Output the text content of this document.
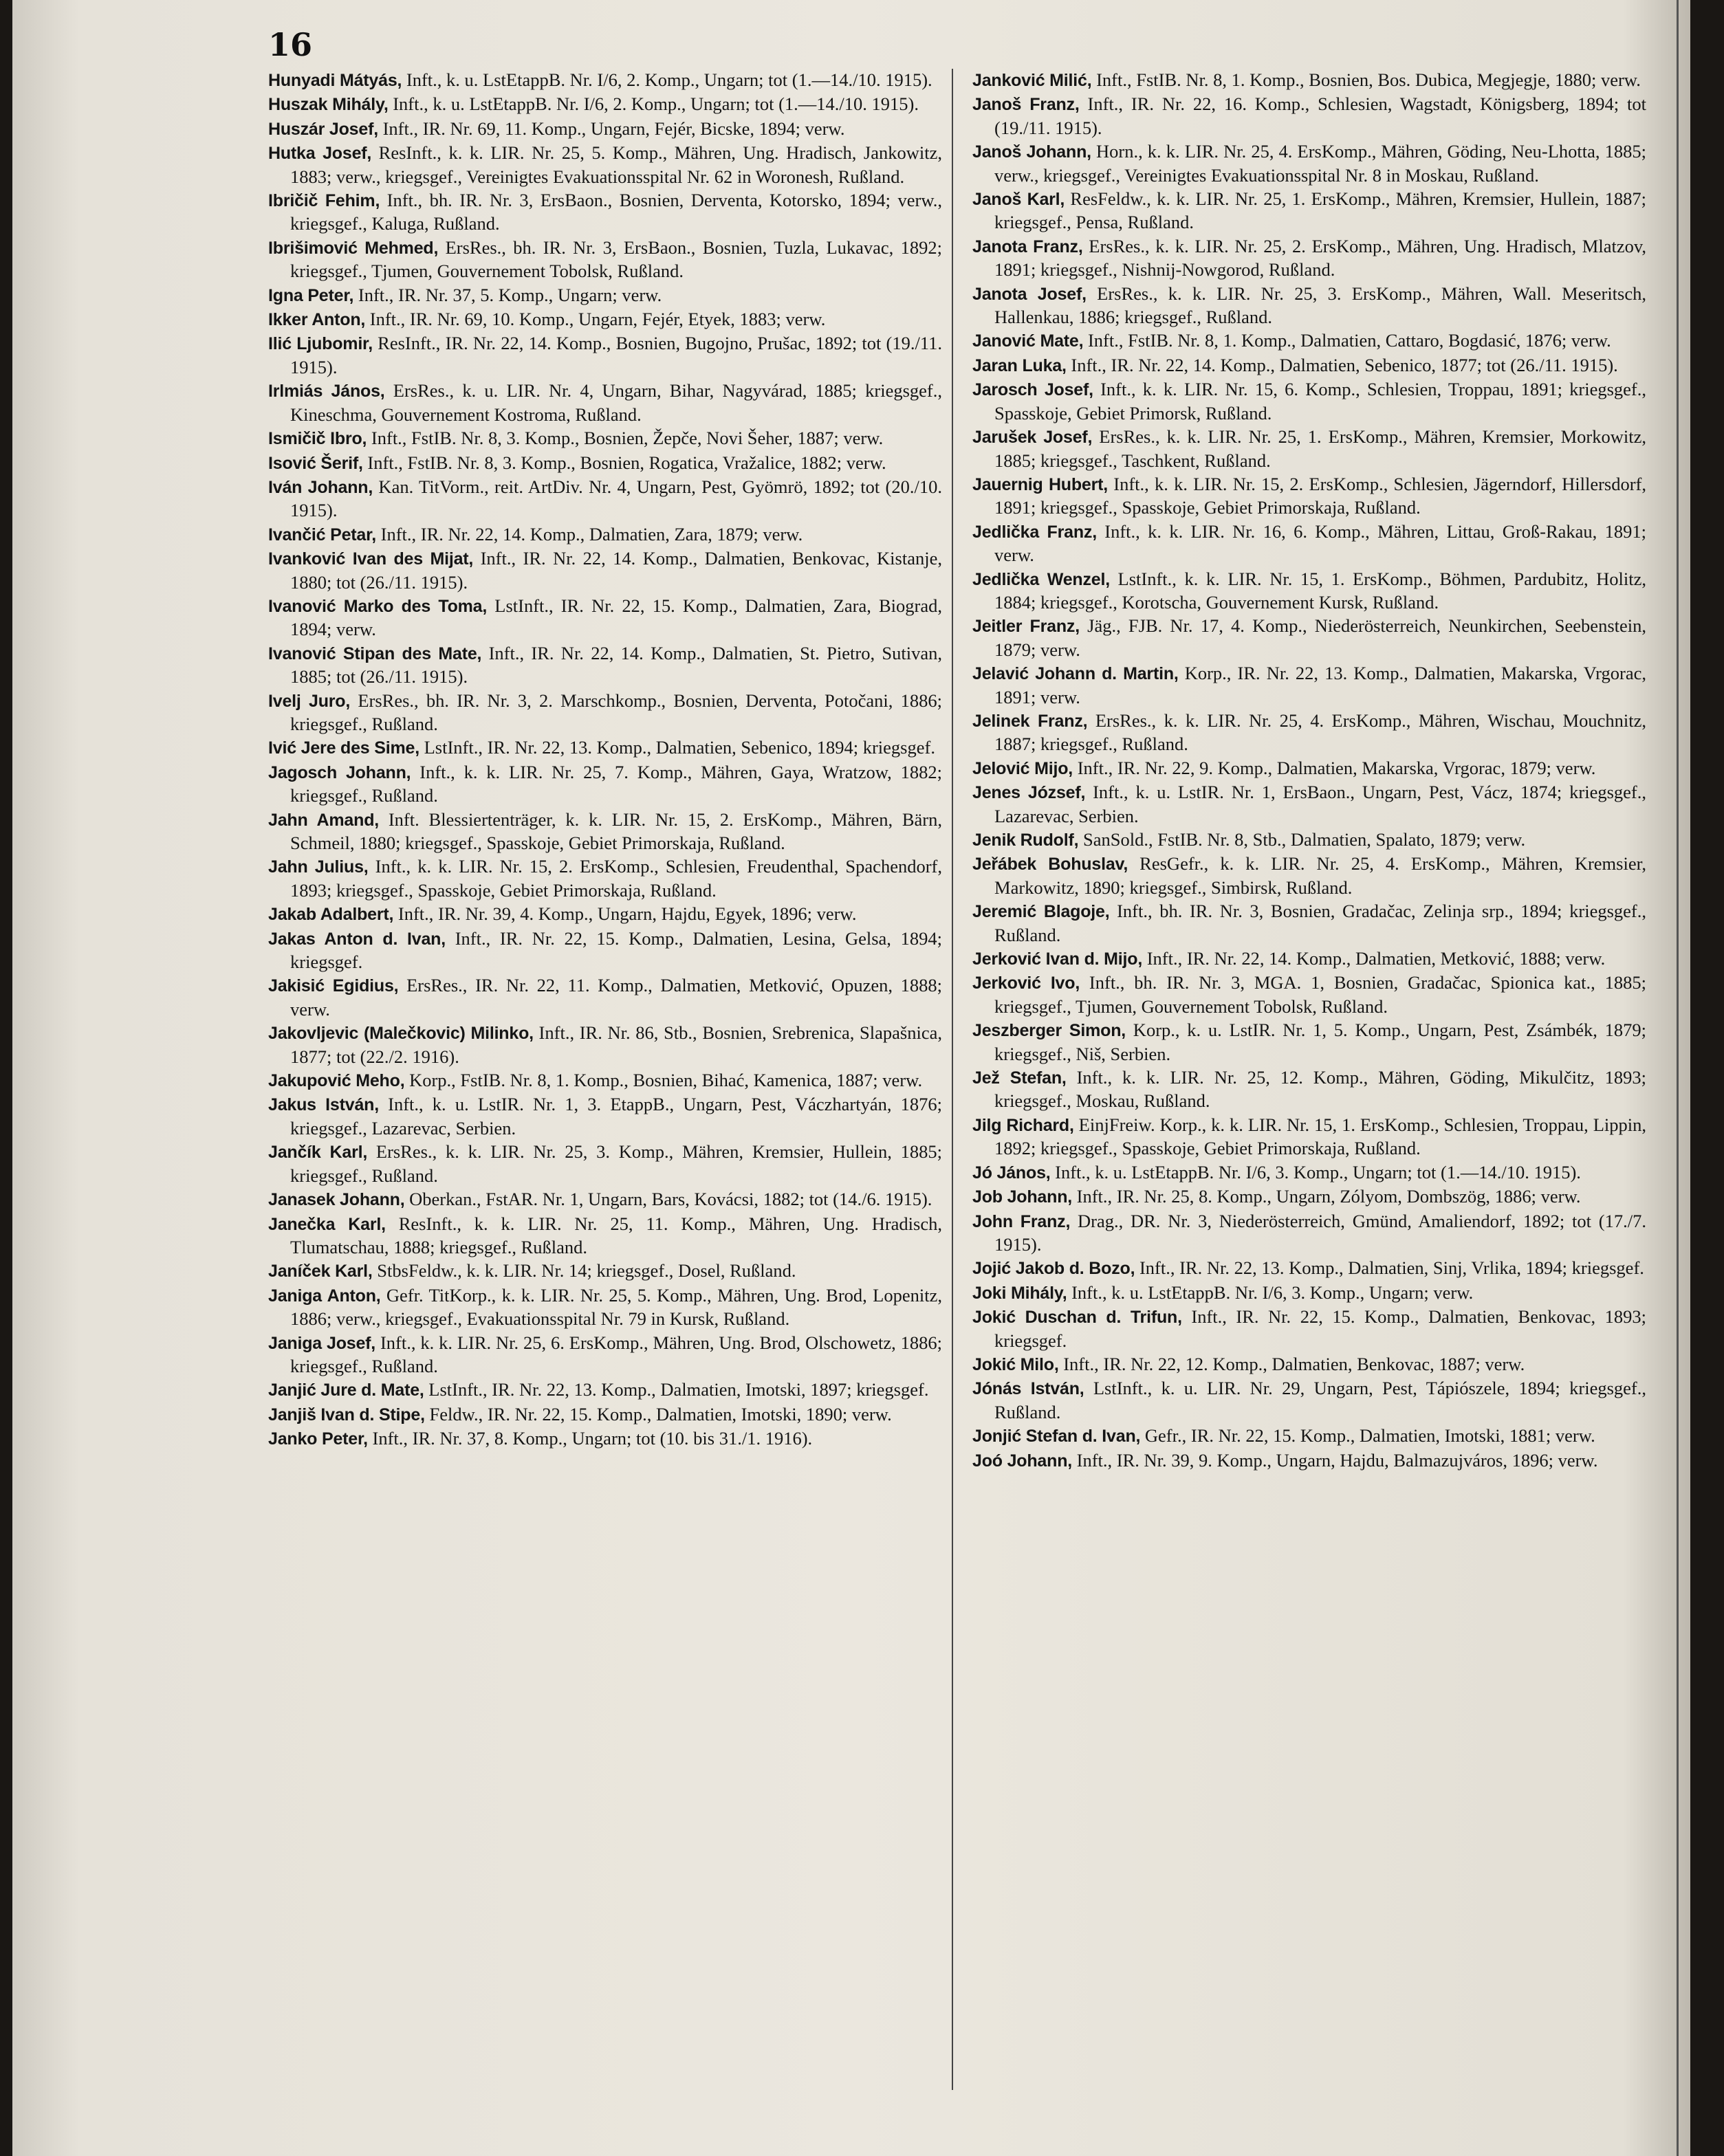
16

Hunyadi Mátyás, Inft., k. u. LstEtappB. Nr. I/6, 2. Komp., Ungarn; tot (1.—14./10. 1915).

Huszak Mihály, Inft., k. u. LstEtappB. Nr. I/6, 2. Komp., Ungarn; tot (1.—14./10. 1915).

Huszár Josef, Inft., IR. Nr. 69, 11. Komp., Ungarn, Fejér, Bicske, 1894; verw.

Hutka Josef, ResInft., k. k. LIR. Nr. 25, 5. Komp., Mähren, Ung. Hradisch, Jankowitz, 1883; verw., kriegsgef., Vereinigtes Evakuationsspital Nr. 62 in Woronesh, Rußland.

Ibričič Fehim, Inft., bh. IR. Nr. 3, ErsBaon., Bosnien, Derventa, Kotorsko, 1894; verw., kriegsgef., Kaluga, Rußland.

Ibrišimović Mehmed, ErsRes., bh. IR. Nr. 3, ErsBaon., Bosnien, Tuzla, Lukavac, 1892; kriegsgef., Tjumen, Gouvernement Tobolsk, Rußland.

Igna Peter, Inft., IR. Nr. 37, 5. Komp., Ungarn; verw.

Ikker Anton, Inft., IR. Nr. 69, 10. Komp., Ungarn, Fejér, Etyek, 1883; verw.

Ilić Ljubomir, ResInft., IR. Nr. 22, 14. Komp., Bosnien, Bugojno, Prušac, 1892; tot (19./11. 1915).

Irlmiás János, ErsRes., k. u. LIR. Nr. 4, Ungarn, Bihar, Nagyvárad, 1885; kriegsgef., Kineschma, Gouvernement Kostroma, Rußland.

Ismičič Ibro, Inft., FstIB. Nr. 8, 3. Komp., Bosnien, Žepče, Novi Šeher, 1887; verw.

Isović Šerif, Inft., FstIB. Nr. 8, 3. Komp., Bosnien, Rogatica, Vražalice, 1882; verw.

Iván Johann, Kan. TitVorm., reit. ArtDiv. Nr. 4, Ungarn, Pest, Gyömrö, 1892; tot (20./10. 1915).

Ivančić Petar, Inft., IR. Nr. 22, 14. Komp., Dalmatien, Zara, 1879; verw.

Ivanković Ivan des Mijat, Inft., IR. Nr. 22, 14. Komp., Dalmatien, Benkovac, Kistanje, 1880; tot (26./11. 1915).

Ivanović Marko des Toma, LstInft., IR. Nr. 22, 15. Komp., Dalmatien, Zara, Biograd, 1894; verw.

Ivanović Stipan des Mate, Inft., IR. Nr. 22, 14. Komp., Dalmatien, St. Pietro, Sutivan, 1885; tot (26./11. 1915).

Ivelj Juro, ErsRes., bh. IR. Nr. 3, 2. Marschkomp., Bosnien, Derventa, Potočani, 1886; kriegsgef., Rußland.

Ivić Jere des Sime, LstInft., IR. Nr. 22, 13. Komp., Dalmatien, Sebenico, 1894; kriegsgef.

Jagosch Johann, Inft., k. k. LIR. Nr. 25, 7. Komp., Mähren, Gaya, Wratzow, 1882; kriegsgef., Rußland.

Jahn Amand, Inft. Blessiertenträger, k. k. LIR. Nr. 15, 2. ErsKomp., Mähren, Bärn, Schmeil, 1880; kriegsgef., Spasskoje, Gebiet Primorskaja, Rußland.

Jahn Julius, Inft., k. k. LIR. Nr. 15, 2. ErsKomp., Schlesien, Freudenthal, Spachendorf, 1893; kriegsgef., Spasskoje, Gebiet Primorskaja, Rußland.

Jakab Adalbert, Inft., IR. Nr. 39, 4. Komp., Ungarn, Hajdu, Egyek, 1896; verw.

Jakas Anton d. Ivan, Inft., IR. Nr. 22, 15. Komp., Dalmatien, Lesina, Gelsa, 1894; kriegsgef.

Jakisić Egidius, ErsRes., IR. Nr. 22, 11. Komp., Dalmatien, Metković, Opuzen, 1888; verw.

Jakovljevic (Malečkovic) Milinko, Inft., IR. Nr. 86, Stb., Bosnien, Srebrenica, Slapašnica, 1877; tot (22./2. 1916).

Jakupović Meho, Korp., FstIB. Nr. 8, 1. Komp., Bosnien, Bihać, Kamenica, 1887; verw.

Jakus István, Inft., k. u. LstIR. Nr. 1, 3. EtappB., Ungarn, Pest, Váczhartyán, 1876; kriegsgef., Lazarevac, Serbien.

Jančík Karl, ErsRes., k. k. LIR. Nr. 25, 3. Komp., Mähren, Kremsier, Hullein, 1885; kriegsgef., Rußland.

Janasek Johann, Oberkan., FstAR. Nr. 1, Ungarn, Bars, Kovácsi, 1882; tot (14./6. 1915).

Janečka Karl, ResInft., k. k. LIR. Nr. 25, 11. Komp., Mähren, Ung. Hradisch, Tlumatschau, 1888; kriegsgef., Rußland.

Janíček Karl, StbsFeldw., k. k. LIR. Nr. 14; kriegsgef., Dosel, Rußland.

Janiga Anton, Gefr. TitKorp., k. k. LIR. Nr. 25, 5. Komp., Mähren, Ung. Brod, Lopenitz, 1886; verw., kriegsgef., Evakuationsspital Nr. 79 in Kursk, Rußland.

Janiga Josef, Inft., k. k. LIR. Nr. 25, 6. ErsKomp., Mähren, Ung. Brod, Olschowetz, 1886; kriegsgef., Rußland.

Janjić Jure d. Mate, LstInft., IR. Nr. 22, 13. Komp., Dalmatien, Imotski, 1897; kriegsgef.

Janjiš Ivan d. Stipe, Feldw., IR. Nr. 22, 15. Komp., Dalmatien, Imotski, 1890; verw.

Janko Peter, Inft., IR. Nr. 37, 8. Komp., Ungarn; tot (10. bis 31./1. 1916).

Janković Milić, Inft., FstIB. Nr. 8, 1. Komp., Bosnien, Bos. Dubica, Megjegje, 1880; verw.

Janoš Franz, Inft., IR. Nr. 22, 16. Komp., Schlesien, Wagstadt, Königsberg, 1894; tot (19./11. 1915).

Janoš Johann, Horn., k. k. LIR. Nr. 25, 4. ErsKomp., Mähren, Göding, Neu-Lhotta, 1885; verw., kriegsgef., Vereinigtes Evakuationsspital Nr. 8 in Moskau, Rußland.

Janoš Karl, ResFeldw., k. k. LIR. Nr. 25, 1. ErsKomp., Mähren, Kremsier, Hullein, 1887; kriegsgef., Pensa, Rußland.

Janota Franz, ErsRes., k. k. LIR. Nr. 25, 2. ErsKomp., Mähren, Ung. Hradisch, Mlatzov, 1891; kriegsgef., Nishnij-Nowgorod, Rußland.

Janota Josef, ErsRes., k. k. LIR. Nr. 25, 3. ErsKomp., Mähren, Wall. Meseritsch, Hallenkau, 1886; kriegsgef., Rußland.

Janović Mate, Inft., FstIB. Nr. 8, 1. Komp., Dalmatien, Cattaro, Bogdasić, 1876; verw.

Jaran Luka, Inft., IR. Nr. 22, 14. Komp., Dalmatien, Sebenico, 1877; tot (26./11. 1915).

Jarosch Josef, Inft., k. k. LIR. Nr. 15, 6. Komp., Schlesien, Troppau, 1891; kriegsgef., Spasskoje, Gebiet Primorsk, Rußland.

Jarušek Josef, ErsRes., k. k. LIR. Nr. 25, 1. ErsKomp., Mähren, Kremsier, Morkowitz, 1885; kriegsgef., Taschkent, Rußland.

Jauernig Hubert, Inft., k. k. LIR. Nr. 15, 2. ErsKomp., Schlesien, Jägerndorf, Hillersdorf, 1891; kriegsgef., Spasskoje, Gebiet Primorskaja, Rußland.

Jedlička Franz, Inft., k. k. LIR. Nr. 16, 6. Komp., Mähren, Littau, Groß-Rakau, 1891; verw.

Jedlička Wenzel, LstInft., k. k. LIR. Nr. 15, 1. ErsKomp., Böhmen, Pardubitz, Holitz, 1884; kriegsgef., Korotscha, Gouvernement Kursk, Rußland.

Jeitler Franz, Jäg., FJB. Nr. 17, 4. Komp., Niederösterreich, Neunkirchen, Seebenstein, 1879; verw.

Jelavić Johann d. Martin, Korp., IR. Nr. 22, 13. Komp., Dalmatien, Makarska, Vrgorac, 1891; verw.

Jelinek Franz, ErsRes., k. k. LIR. Nr. 25, 4. ErsKomp., Mähren, Wischau, Mouchnitz, 1887; kriegsgef., Rußland.

Jelović Mijo, Inft., IR. Nr. 22, 9. Komp., Dalmatien, Makarska, Vrgorac, 1879; verw.

Jenes József, Inft., k. u. LstIR. Nr. 1, ErsBaon., Ungarn, Pest, Vácz, 1874; kriegsgef., Lazarevac, Serbien.

Jenik Rudolf, SanSold., FstIB. Nr. 8, Stb., Dalmatien, Spalato, 1879; verw.

Jeřábek Bohuslav, ResGefr., k. k. LIR. Nr. 25, 4. ErsKomp., Mähren, Kremsier, Markowitz, 1890; kriegsgef., Simbirsk, Rußland.

Jeremić Blagoje, Inft., bh. IR. Nr. 3, Bosnien, Gradačac, Zelinja srp., 1894; kriegsgef., Rußland.

Jerković Ivan d. Mijo, Inft., IR. Nr. 22, 14. Komp., Dalmatien, Metković, 1888; verw.

Jerković Ivo, Inft., bh. IR. Nr. 3, MGA. 1, Bosnien, Gradačac, Spionica kat., 1885; kriegsgef., Tjumen, Gouvernement Tobolsk, Rußland.

Jeszberger Simon, Korp., k. u. LstIR. Nr. 1, 5. Komp., Ungarn, Pest, Zsámbék, 1879; kriegsgef., Niš, Serbien.

Jež Stefan, Inft., k. k. LIR. Nr. 25, 12. Komp., Mähren, Göding, Mikulčitz, 1893; kriegsgef., Moskau, Rußland.

Jilg Richard, EinjFreiw. Korp., k. k. LIR. Nr. 15, 1. ErsKomp., Schlesien, Troppau, Lippin, 1892; kriegsgef., Spasskoje, Gebiet Primorskaja, Rußland.

Jó János, Inft., k. u. LstEtappB. Nr. I/6, 3. Komp., Ungarn; tot (1.—14./10. 1915).

Job Johann, Inft., IR. Nr. 25, 8. Komp., Ungarn, Zólyom, Dombszög, 1886; verw.

John Franz, Drag., DR. Nr. 3, Niederösterreich, Gmünd, Amaliendorf, 1892; tot (17./7. 1915).

Jojić Jakob d. Bozo, Inft., IR. Nr. 22, 13. Komp., Dalmatien, Sinj, Vrlika, 1894; kriegsgef.

Joki Mihály, Inft., k. u. LstEtappB. Nr. I/6, 3. Komp., Ungarn; verw.

Jokić Duschan d. Trifun, Inft., IR. Nr. 22, 15. Komp., Dalmatien, Benkovac, 1893; kriegsgef.

Jokić Milo, Inft., IR. Nr. 22, 12. Komp., Dalmatien, Benkovac, 1887; verw.

Jónás István, LstInft., k. u. LIR. Nr. 29, Ungarn, Pest, Tápiószele, 1894; kriegsgef., Rußland.

Jonjić Stefan d. Ivan, Gefr., IR. Nr. 22, 15. Komp., Dalmatien, Imotski, 1881; verw.

Joó Johann, Inft., IR. Nr. 39, 9. Komp., Ungarn, Hajdu, Balmazujváros, 1896; verw.
